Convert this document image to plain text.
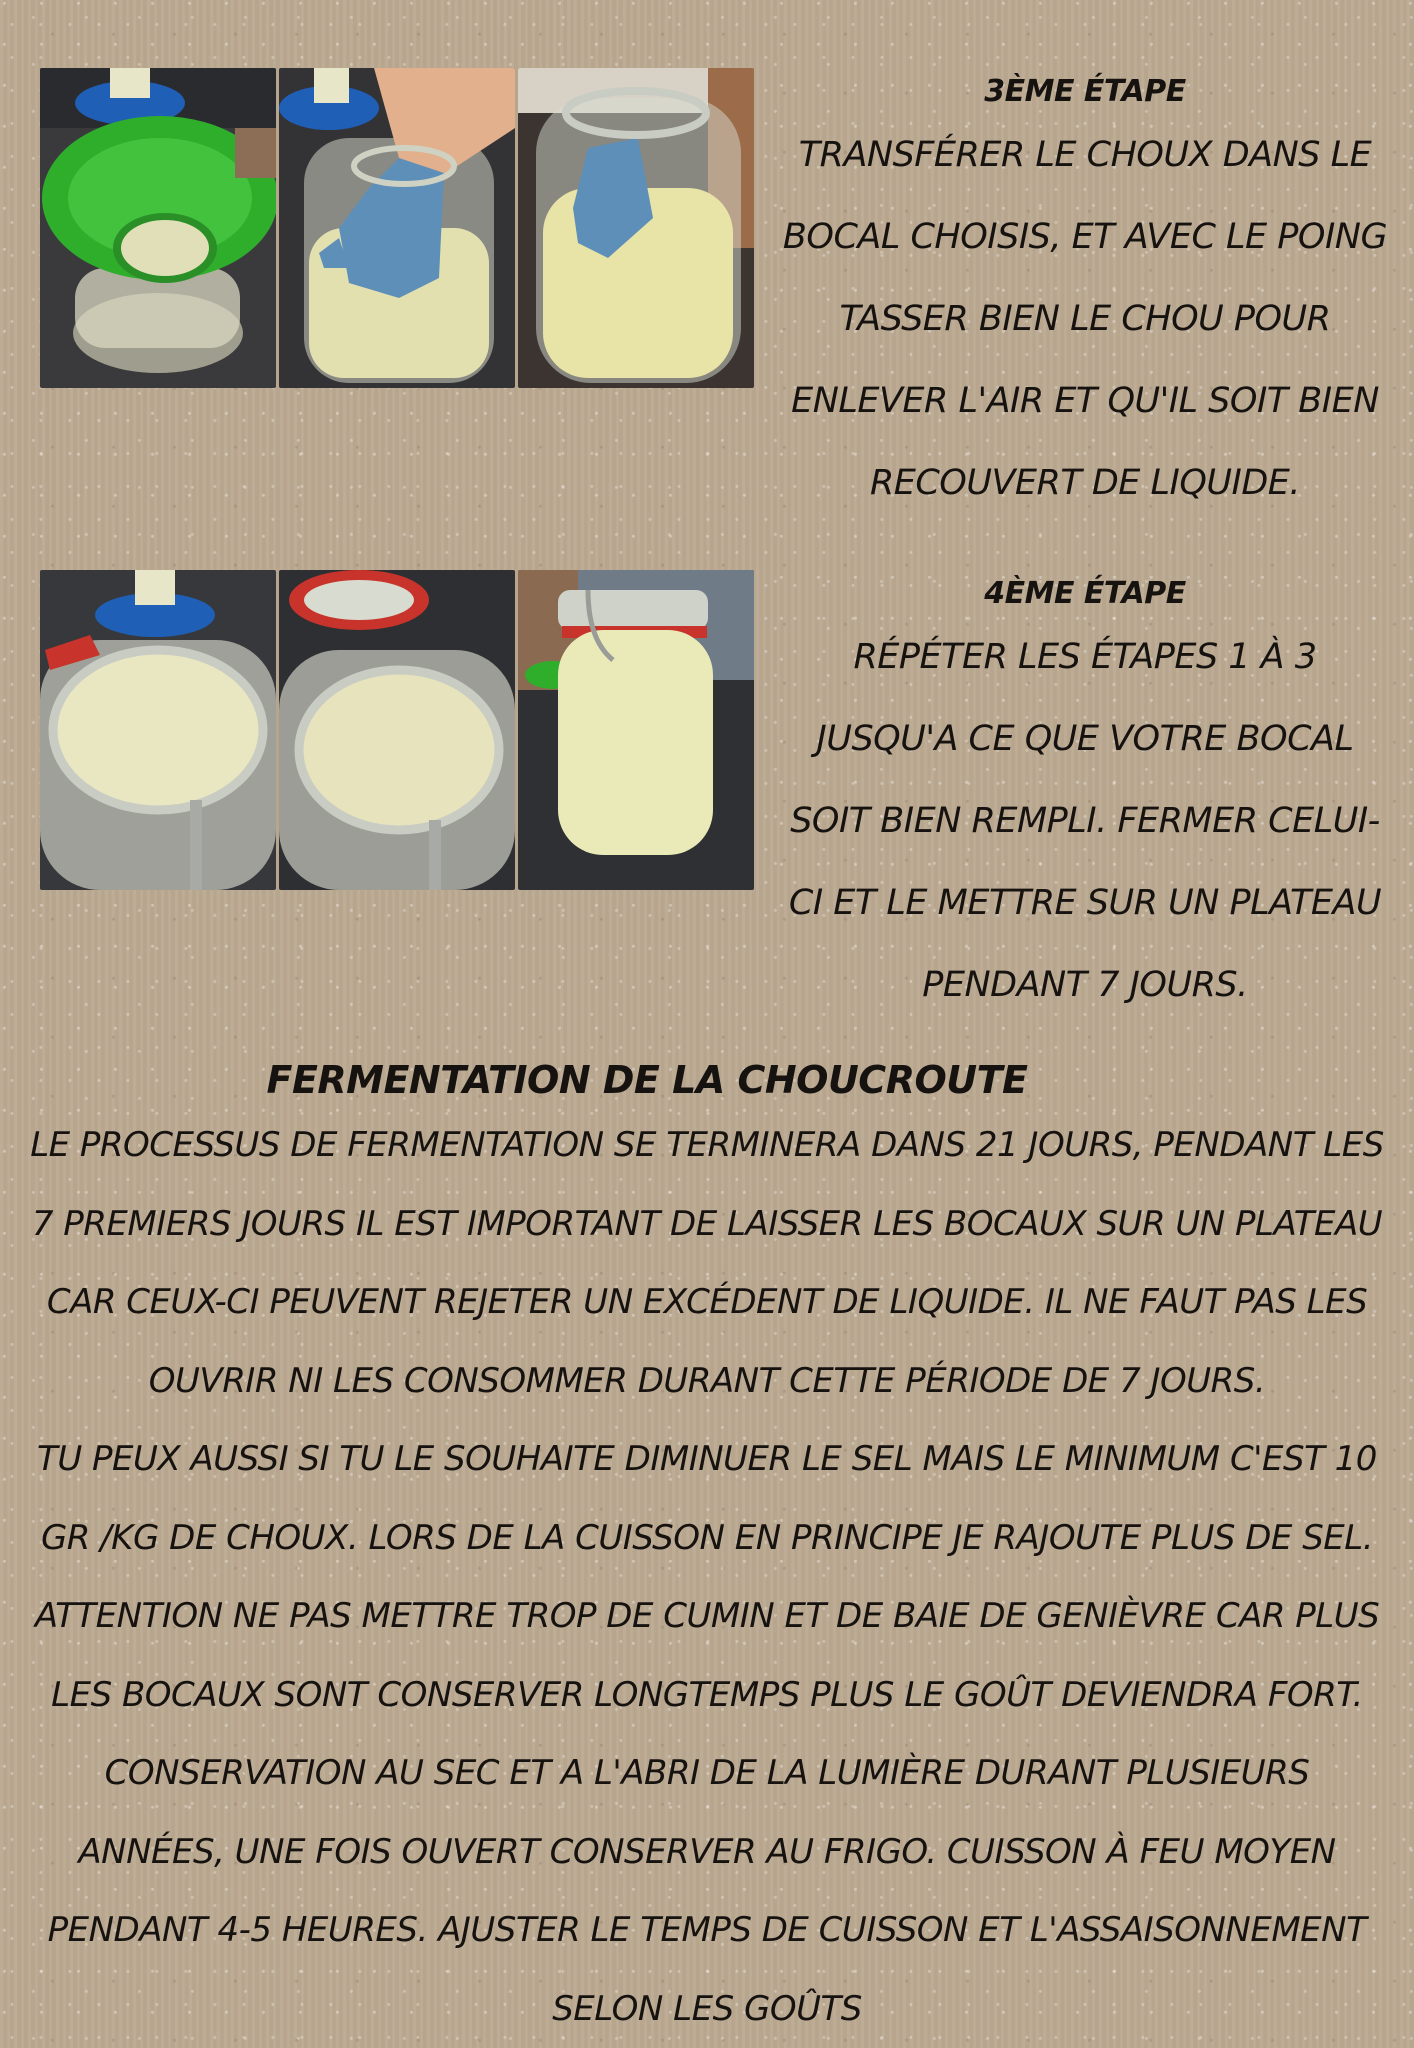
3ÈME ÉTAPE

TRANSFÉRER LE CHOUX DANS LE BOCAL CHOISIS, ET AVEC LE POING TASSER BIEN LE CHOU POUR ENLEVER L'AIR ET QU'IL SOIT BIEN RECOUVERT DE LIQUIDE.

4ÈME ÉTAPE

RÉPÉTER LES ÉTAPES 1 À 3 JUSQU'A CE QUE VOTRE BOCAL SOIT BIEN REMPLI. FERMER CELUI-CI ET LE METTRE SUR UN PLATEAU PENDANT 7 JOURS.

FERMENTATION DE LA CHOUCROUTE

LE PROCESSUS DE FERMENTATION SE TERMINERA DANS 21 JOURS, PENDANT LES 7 PREMIERS JOURS IL EST IMPORTANT DE LAISSER LES BOCAUX SUR UN PLATEAU CAR CEUX-CI PEUVENT REJETER UN EXCÉDENT DE LIQUIDE. IL NE FAUT PAS LES OUVRIR NI LES CONSOMMER DURANT CETTE PÉRIODE DE 7 JOURS.

TU PEUX AUSSI SI TU LE SOUHAITE DIMINUER LE SEL MAIS LE MINIMUM C'EST 10 GR /KG DE CHOUX. LORS DE LA CUISSON EN PRINCIPE JE RAJOUTE PLUS DE SEL. ATTENTION NE PAS METTRE TROP DE CUMIN ET DE BAIE DE GENIÈVRE CAR PLUS LES BOCAUX SONT CONSERVER LONGTEMPS PLUS LE GOÛT DEVIENDRA FORT. CONSERVATION AU SEC ET A L'ABRI DE LA LUMIÈRE DURANT PLUSIEURS ANNÉES, UNE FOIS OUVERT CONSERVER AU FRIGO. CUISSON À FEU MOYEN PENDANT 4-5 HEURES. AJUSTER LE TEMPS DE CUISSON ET L'ASSAISONNEMENT SELON LES GOÛTS
